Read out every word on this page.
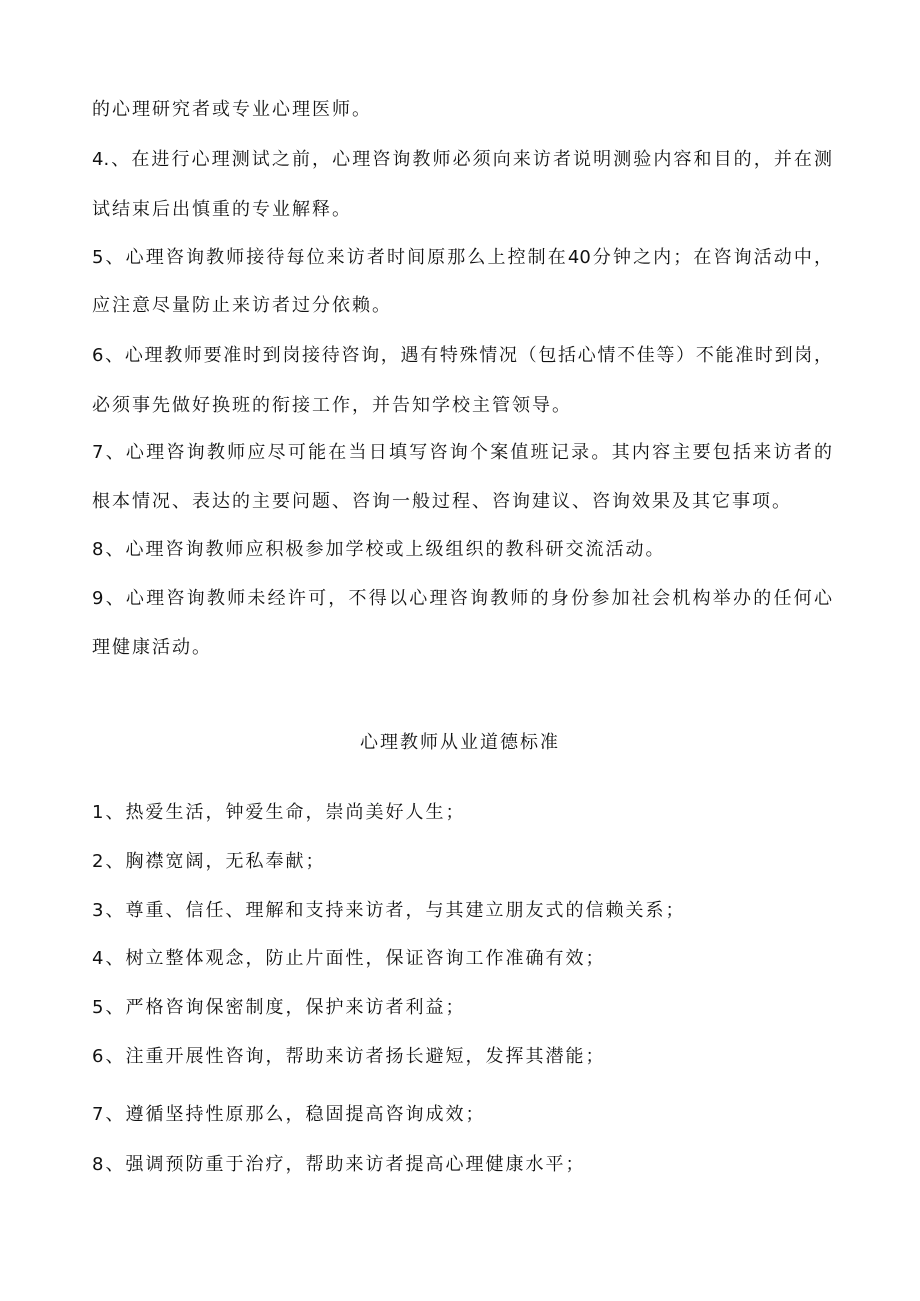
的心理研究者或专业心理医师。
4.、在进行心理测试之前，心理咨询教师必须向来访者说明测验内容和目的，并在测
试结束后出慎重的专业解释。
5、心理咨询教师接待每位来访者时间原那么上控制在40分钟之内；在咨询活动中，
应注意尽量防止来访者过分依赖。
6、心理教师要准时到岗接待咨询，遇有特殊情况（包括心情不佳等）不能准时到岗，
必须事先做好换班的衔接工作，并告知学校主管领导。
7、心理咨询教师应尽可能在当日填写咨询个案值班记录。其内容主要包括来访者的
根本情况、表达的主要问题、咨询一般过程、咨询建议、咨询效果及其它事项。
8、心理咨询教师应积极参加学校或上级组织的教科研交流活动。
9、心理咨询教师未经许可，不得以心理咨询教师的身份参加社会机构举办的任何心
理健康活动。
心理教师从业道德标准
1、热爱生活，钟爱生命，崇尚美好人生；
2、胸襟宽阔，无私奉献；
3、尊重、信任、理解和支持来访者，与其建立朋友式的信赖关系；
4、树立整体观念，防止片面性，保证咨询工作准确有效；
5、严格咨询保密制度，保护来访者利益；
6、注重开展性咨询，帮助来访者扬长避短，发挥其潜能；
7、遵循坚持性原那么，稳固提高咨询成效；
8、强调预防重于治疗，帮助来访者提高心理健康水平；
